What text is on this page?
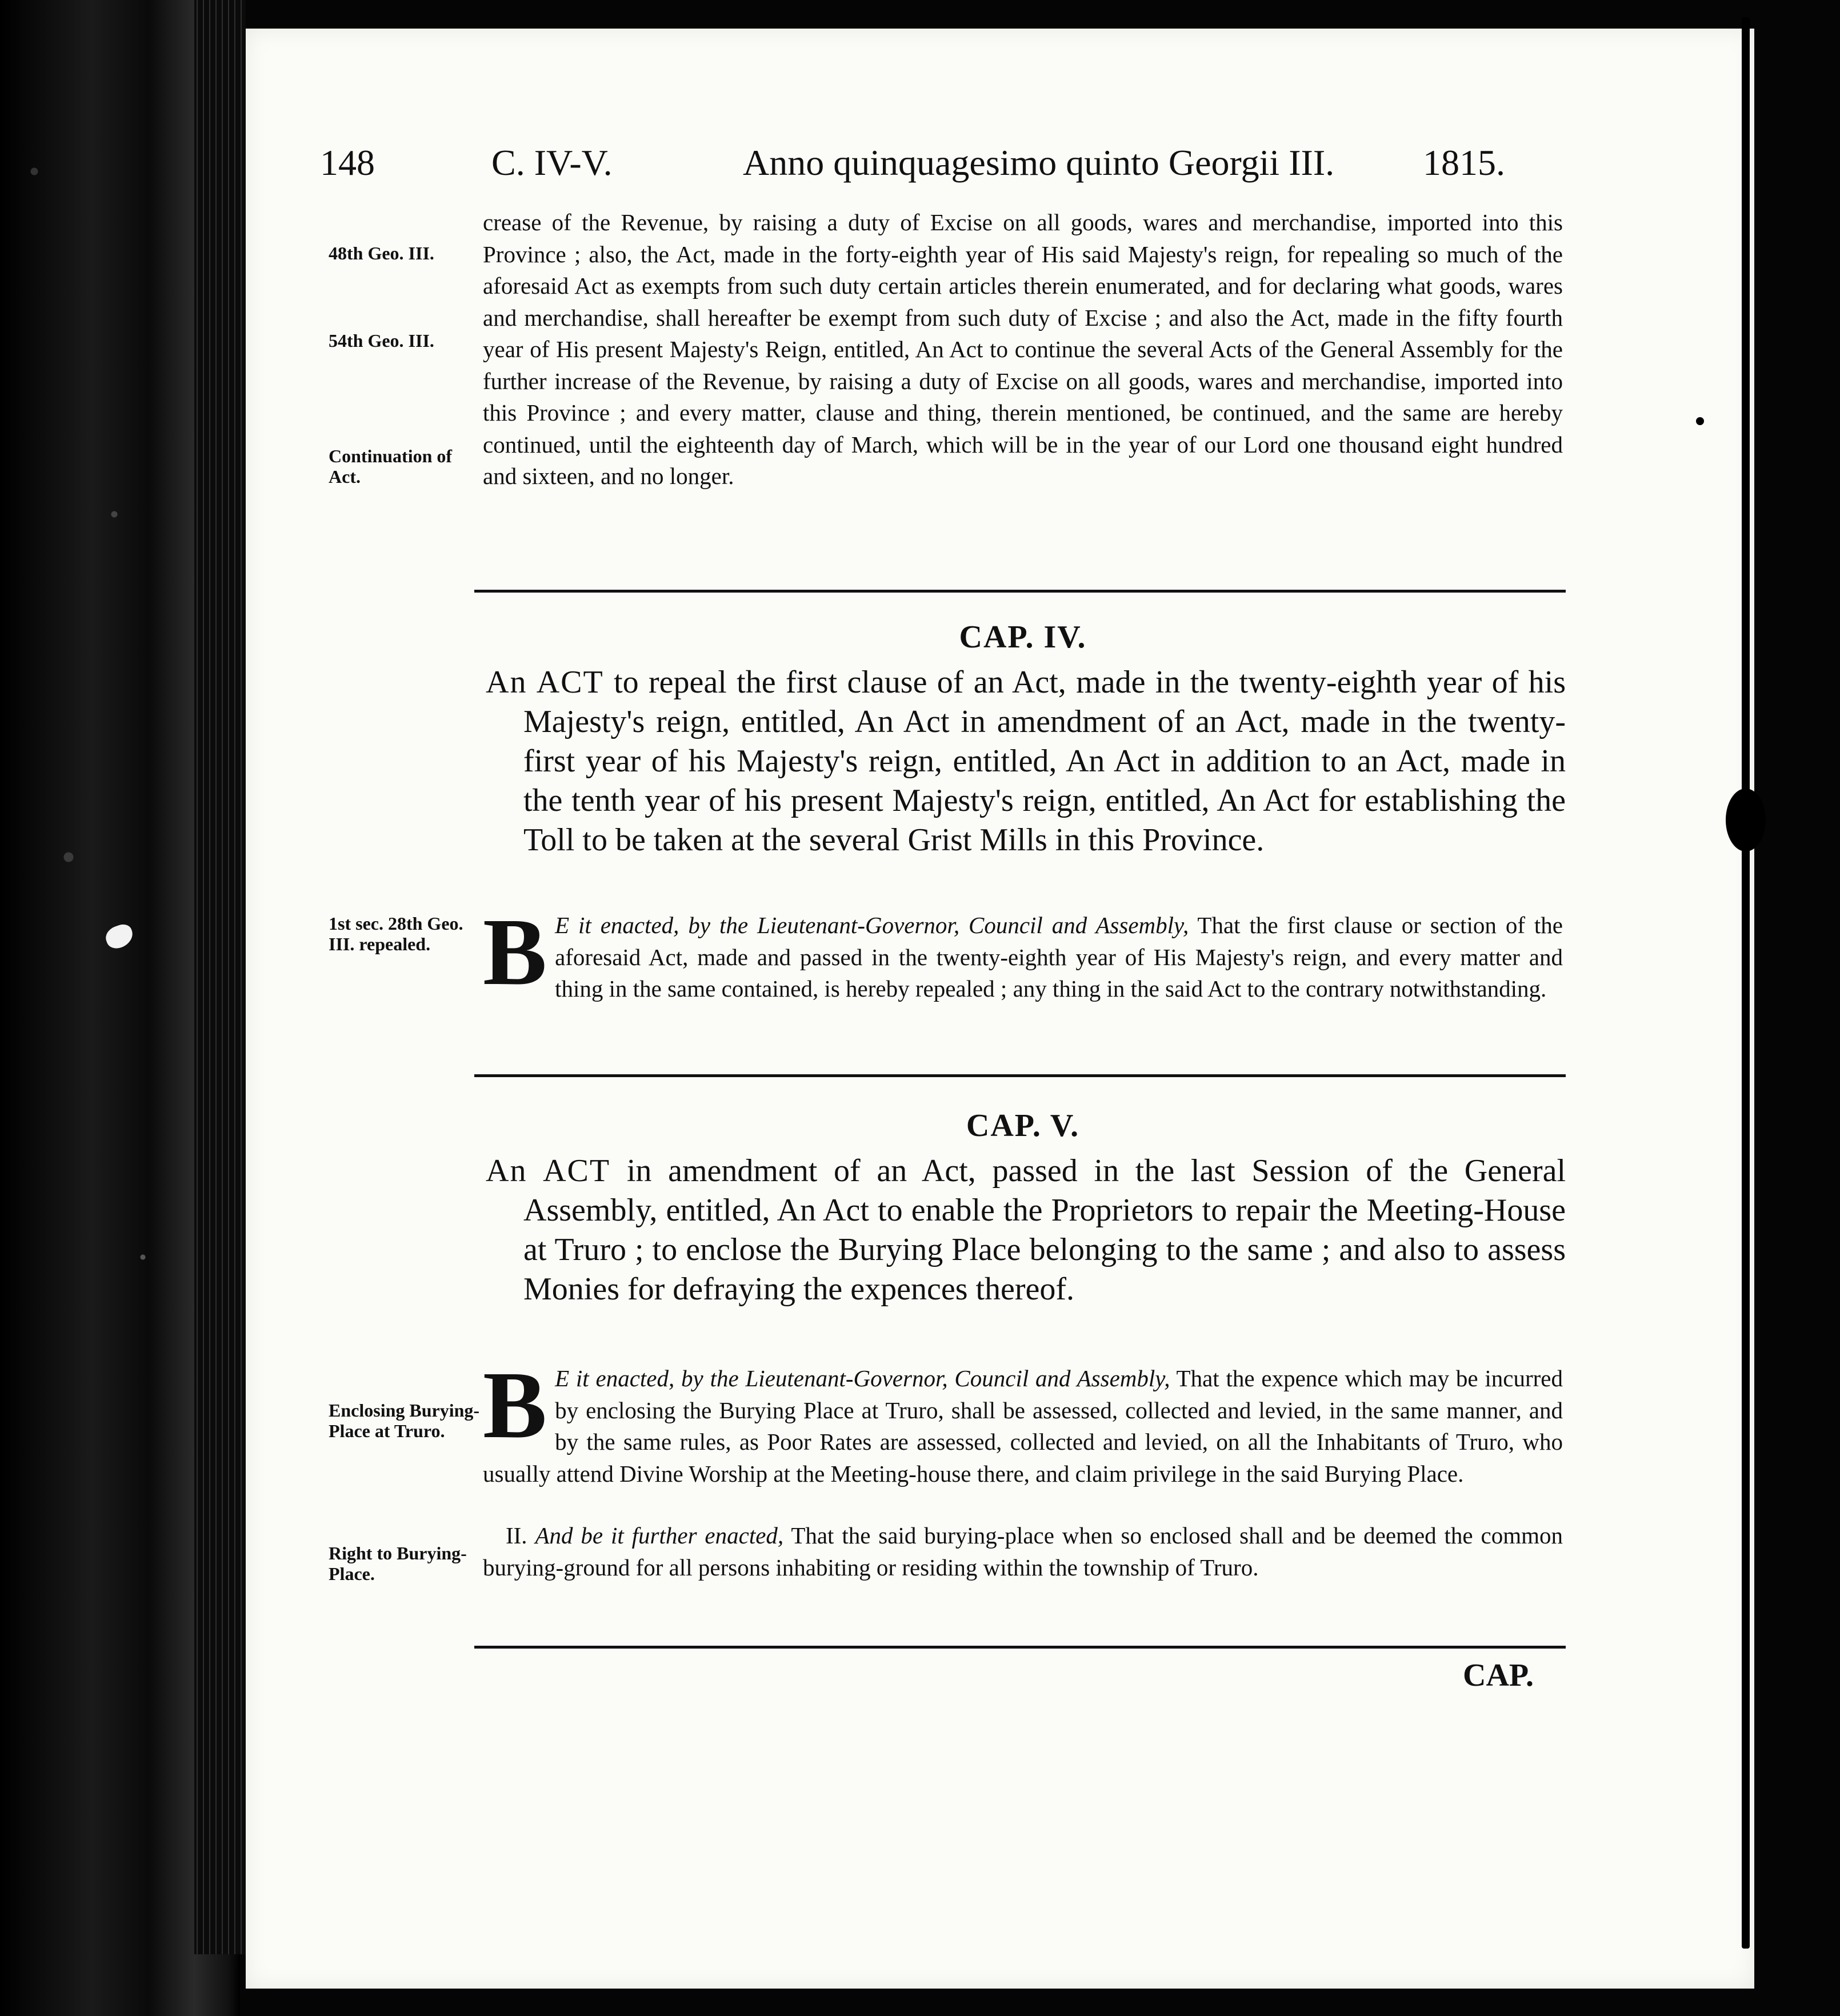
148	C. IV-V.	Anno quinquagesimo quinto Georgii III. 1815.
48th Geo. III.
54th Geo. III.
Continuation of Act.
crease of the Revenue, by raising a duty of Excise on all goods, wares and merchandise, imported into this Province ; also, the Act, made in the forty-eighth year of His said Majesty's reign, for repealing so much of the aforesaid Act as exempts from such duty certain articles therein enumerated, and for declaring what goods, wares and merchandise, shall hereafter be exempt from such duty of Excise ; and also the Act, made in the fifty fourth year of His present Majesty's Reign, entitled, An Act to continue the several Acts of the General Assembly for the further increase of the Revenue, by raising a duty of Excise on all goods, wares and merchandise, imported into this Province ; and every matter, clause and thing, therein mentioned, be continued, and the same are hereby continued, until the eighteenth day of March, which will be in the year of our Lord one thousand eight hundred and sixteen, and no longer.
CAP. IV.
An ACT to repeal the first clause of an Act, made in the twenty-eighth year of his Majesty's reign, entitled, An Act in amendment of an Act, made in the twenty-first year of his Majesty's reign, entitled, An Act in addition to an Act, made in the tenth year of his present Majesty's reign, entitled, An Act for establishing the Toll to be taken at the several Grist Mills in this Province.
1st sec. 28th Geo. III. repealed. B E it enacted, by the Lieutenant-Governor, Council and Assembly, That the first clause or section of the aforesaid Act, made and passed in the twenty-eighth year of His Majesty's reign, and every matter and thing in the same contained, is hereby repealed ; any thing in the said Act to the contrary notwithstanding.
CAP. V.
An ACT in amendment of an Act, passed in the last Session of the General Assembly, entitled, An Act to enable the Proprietors to repair the Meeting-House at Truro ; to enclose the Burying Place belonging to the same ; and also to assess Monies for defraying the expences thereof.
Enclosing Burying-Place at Truro.
Right to Burying-Place.
B E it enacted, by the Lieutenant-Governor, Council and Assembly, That the expence which may be incurred by enclosing the Burying Place at Truro, shall be assessed, collected and levied, in the same manner, and by the same rules, as Poor Rates are assessed, collected and levied, on all the Inhabitants of Truro, who usually attend Divine Worship at the Meeting-house there, and claim privilege in the said Burying Place.
II. And be it further enacted, That the said burying-place when so enclosed shall and be deemed the common burying-ground for all persons inhabiting or residing within the township of Truro.
CAP.
